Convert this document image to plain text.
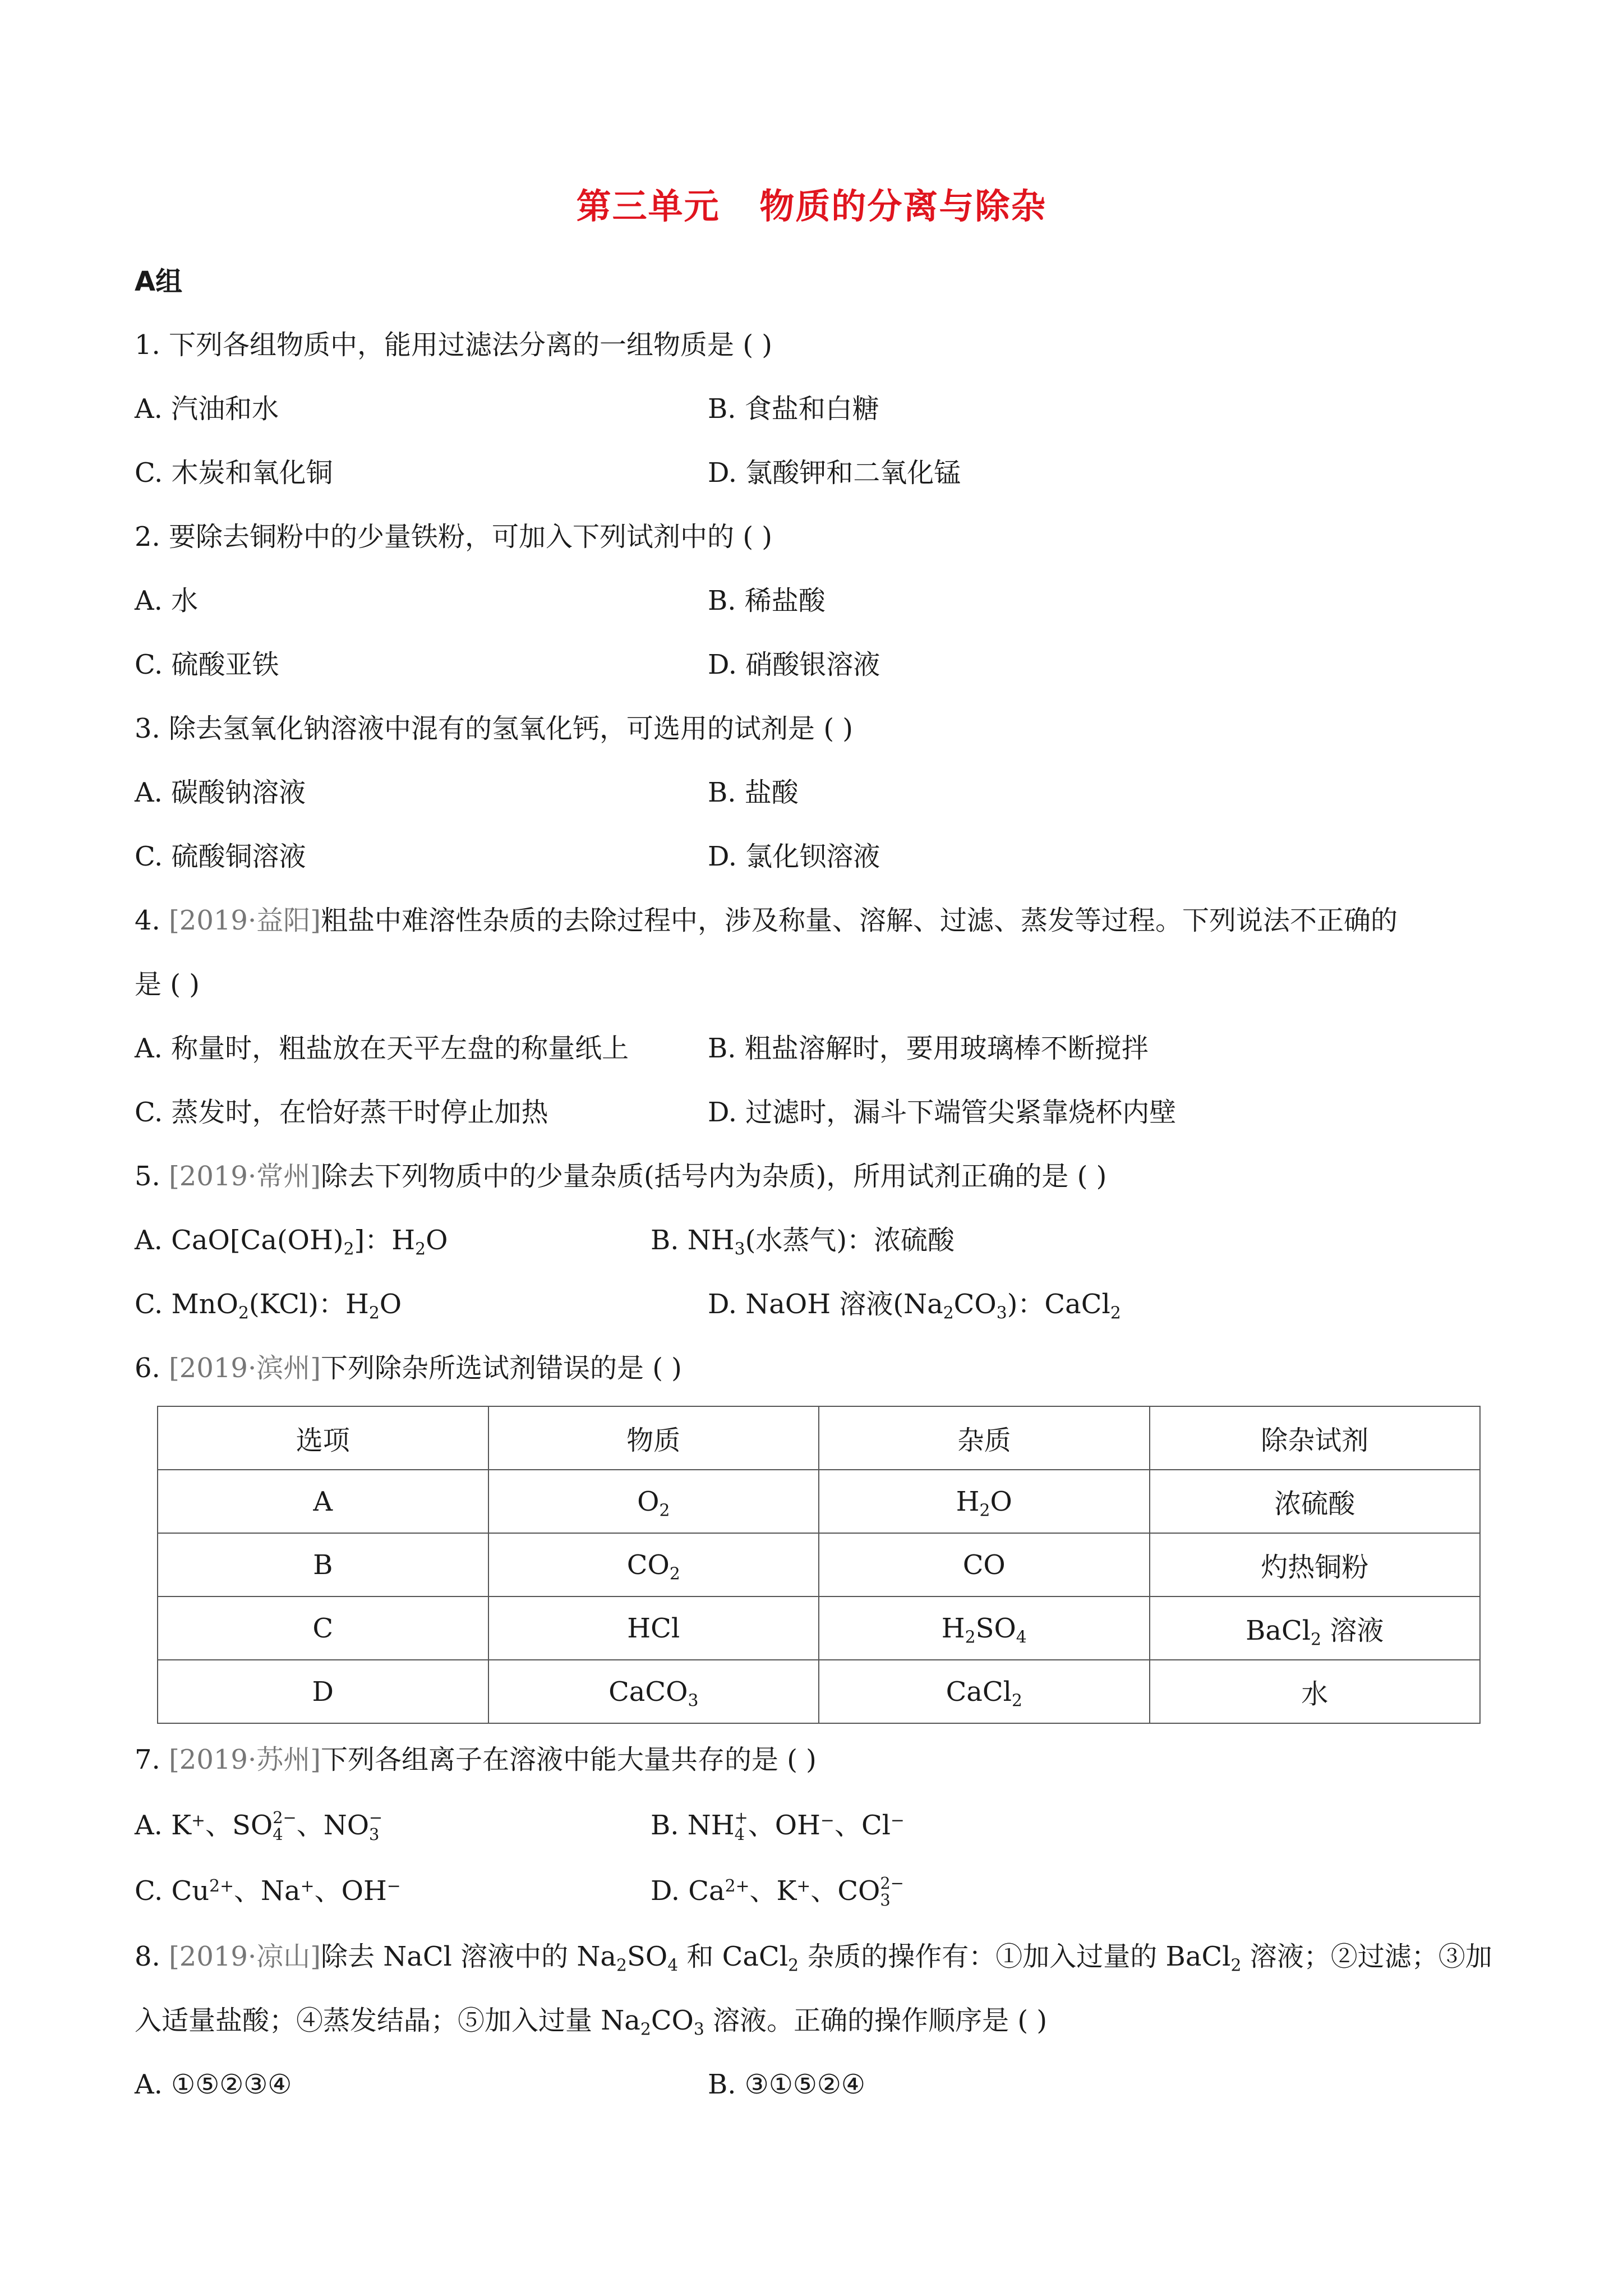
第三单元   物质的分离与除杂
A组
1. 下列各组物质中，能用过滤法分离的一组物质是 ( )
A. 汽油和水	B. 食盐和白糖
C. 木炭和氧化铜	D. 氯酸钾和二氧化锰
2. 要除去铜粉中的少量铁粉，可加入下列试剂中的 ( )
A. 水	B. 稀盐酸
C. 硫酸亚铁	D. 硝酸银溶液
3. 除去氢氧化钠溶液中混有的氢氧化钙，可选用的试剂是 ( )
A. 碳酸钠溶液	B. 盐酸
C. 硫酸铜溶液	D. 氯化钡溶液
4. [2019·益阳]粗盐中难溶性杂质的去除过程中，涉及称量、溶解、过滤、蒸发等过程。下列说法不正确的
是 ( )
A. 称量时，粗盐放在天平左盘的称量纸上	B. 粗盐溶解时，要用玻璃棒不断搅拌
C. 蒸发时，在恰好蒸干时停止加热	D. 过滤时，漏斗下端管尖紧靠烧杯内壁
5. [2019·常州]除去下列物质中的少量杂质(括号内为杂质)，所用试剂正确的是 ( )
A. $CaO[Ca(OH)_2]$：$H_2O$	B. $NH_3$(水蒸气)：浓硫酸
C. MnO$_2$(KCl)：$H_2O$	D. NaOH 溶液$(Na_2CO_3)$：CaCl$_2$
6. [2019·滨州]下列除杂所选试剂错误的是 ( )
选项	物质	杂质	除杂试剂
A	$O_2$	$H_2O$	浓硫酸
B	$CO_2$	CO	灼热铜粉
C	HCl	$H_2SO_4$	BaCl$_2$ 溶液
D	CaCO$_3$	CaCl$_2$	水
7. [2019·苏州]下列各组离子在溶液中能大量共存的是 ( )
A. K+、SO 2−
4 、NO −
3	B. NH +
4 、OH−、Cl−
C. $Cu^{2+}$、Na+、OH−	D. $Ca^{2+}$、K+、CO 2−
3
8. [2019·凉山]除去 NaCl 溶液中的 $Na_2SO_4$ 和 CaCl$_2$ 杂质的操作有：①加入过量的 BaCl$_2$ 溶液；②过滤；③加
入适量盐酸；④蒸发结晶；⑤加入过量 $Na_2CO_3$ 溶液。正确的操作顺序是 ( )
A. ①⑤②③④	B. ③①⑤②④
